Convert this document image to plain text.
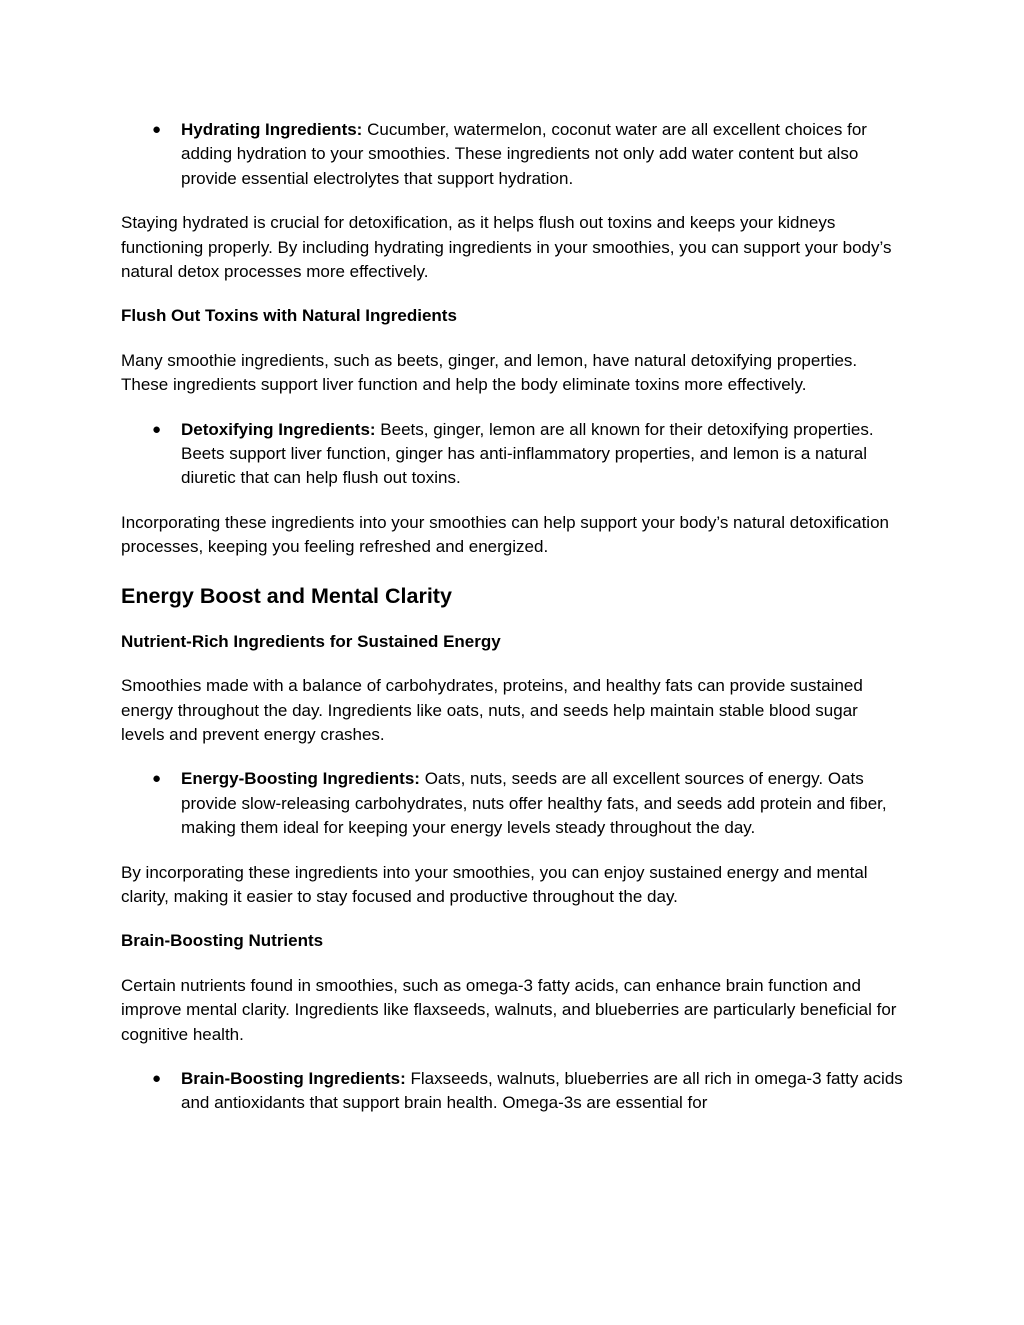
● Hydrating Ingredients: Cucumber, watermelon, coconut water are all excellent choices for adding hydration to your smoothies. These ingredients not only add water content but also provide essential electrolytes that support hydration.

Staying hydrated is crucial for detoxification, as it helps flush out toxins and keeps your kidneys functioning properly. By including hydrating ingredients in your smoothies, you can support your body’s natural detox processes more effectively.

Flush Out Toxins with Natural Ingredients

Many smoothie ingredients, such as beets, ginger, and lemon, have natural detoxifying properties. These ingredients support liver function and help the body eliminate toxins more effectively.

● Detoxifying Ingredients: Beets, ginger, lemon are all known for their detoxifying properties. Beets support liver function, ginger has anti-inflammatory properties, and lemon is a natural diuretic that can help flush out toxins.

Incorporating these ingredients into your smoothies can help support your body’s natural detoxification processes, keeping you feeling refreshed and energized.

Energy Boost and Mental Clarity
Nutrient-Rich Ingredients for Sustained Energy

Smoothies made with a balance of carbohydrates, proteins, and healthy fats can provide sustained energy throughout the day. Ingredients like oats, nuts, and seeds help maintain stable blood sugar levels and prevent energy crashes.

● Energy-Boosting Ingredients: Oats, nuts, seeds are all excellent sources of energy. Oats provide slow-releasing carbohydrates, nuts offer healthy fats, and seeds add protein and fiber, making them ideal for keeping your energy levels steady throughout the day.

By incorporating these ingredients into your smoothies, you can enjoy sustained energy and mental clarity, making it easier to stay focused and productive throughout the day.

Brain-Boosting Nutrients

Certain nutrients found in smoothies, such as omega-3 fatty acids, can enhance brain function and improve mental clarity. Ingredients like flaxseeds, walnuts, and blueberries are particularly beneficial for cognitive health.

● Brain-Boosting Ingredients: Flaxseeds, walnuts, blueberries are all rich in omega-3 fatty acids and antioxidants that support brain health. Omega-3s are essential for
